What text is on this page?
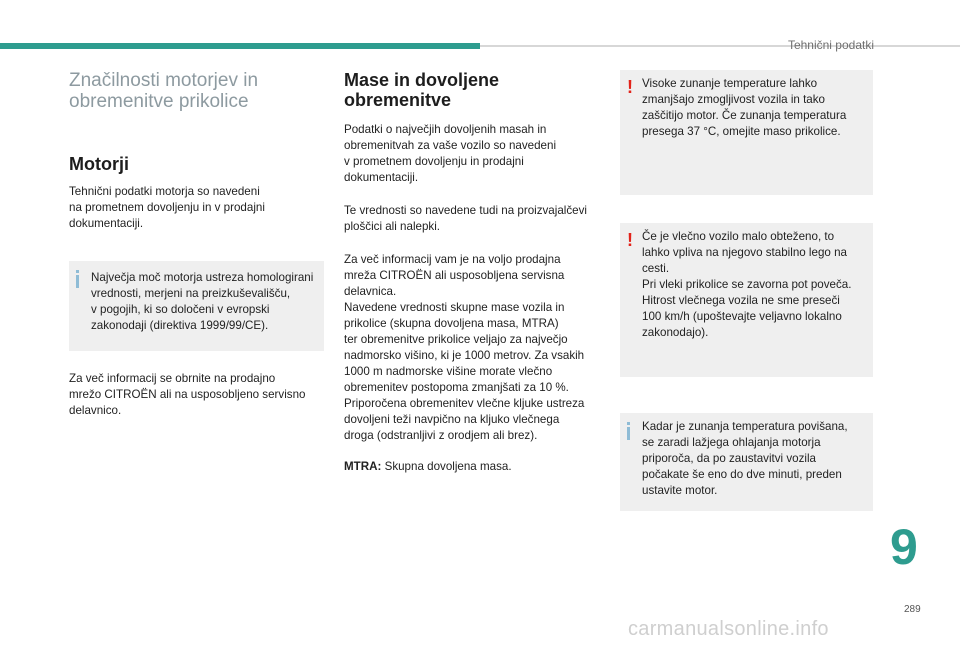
Tehnični podatki
Značilnosti motorjev in
obremenitve prikolice
Motorji

Tehnični podatki motorja so navedeni
na prometnem dovoljenju in v prodajni
dokumentaciji.

Največja moč motorja ustreza homologirani
vrednosti, merjeni na preizkuševališču,
v pogojih, ki so določeni v evropski
zakonodaji (direktiva 1999/99/CE).

Za več informacij se obrnite na prodajno
mrežo CITROËN ali na usposobljeno servisno
delavnico.

Mase in dovoljene
obremenitve

Podatki o največjih dovoljenih masah in
obremenitvah za vaše vozilo so navedeni
v prometnem dovoljenju in prodajni
dokumentaciji.

Te vrednosti so navedene tudi na proizvajalčevi
ploščici ali nalepki.

Za več informacij vam je na voljo prodajna
mreža CITROËN ali usposobljena servisna
delavnica.
Navedene vrednosti skupne mase vozila in
prikolice (skupna dovoljena masa, MTRA)
ter obremenitve prikolice veljajo za največjo
nadmorsko višino, ki je 1000 metrov. Za vsakih
1000 m nadmorske višine morate vlečno
obremenitev postopoma zmanjšati za 10 %.
Priporočena obremenitev vlečne kljuke ustreza
dovoljeni teži navpično na kljuko vlečnega
droga (odstranljivi z orodjem ali brez).

MTRA: Skupna dovoljena masa.

! Visoke zunanje temperature lahko
zmanjšajo zmogljivost vozila in tako
zaščitijo motor. Če zunanja temperatura
presega 37 °C, omejite maso prikolice.
! Če je vlečno vozilo malo obteženo, to
lahko vpliva na njegovo stabilno lego na
cesti.
Pri vleki prikolice se zavorna pot poveča.
Hitrost vlečnega vozila ne sme preseči
100 km/h (upoštevajte veljavno lokalno
zakonodajo).
Kadar je zunanja temperatura povišana,
se zaradi lažjega ohlajanja motorja
priporoča, da po zaustavitvi vozila
počakate še eno do dve minuti, preden
ustavite motor.
9
289
carmanualsonline.info
